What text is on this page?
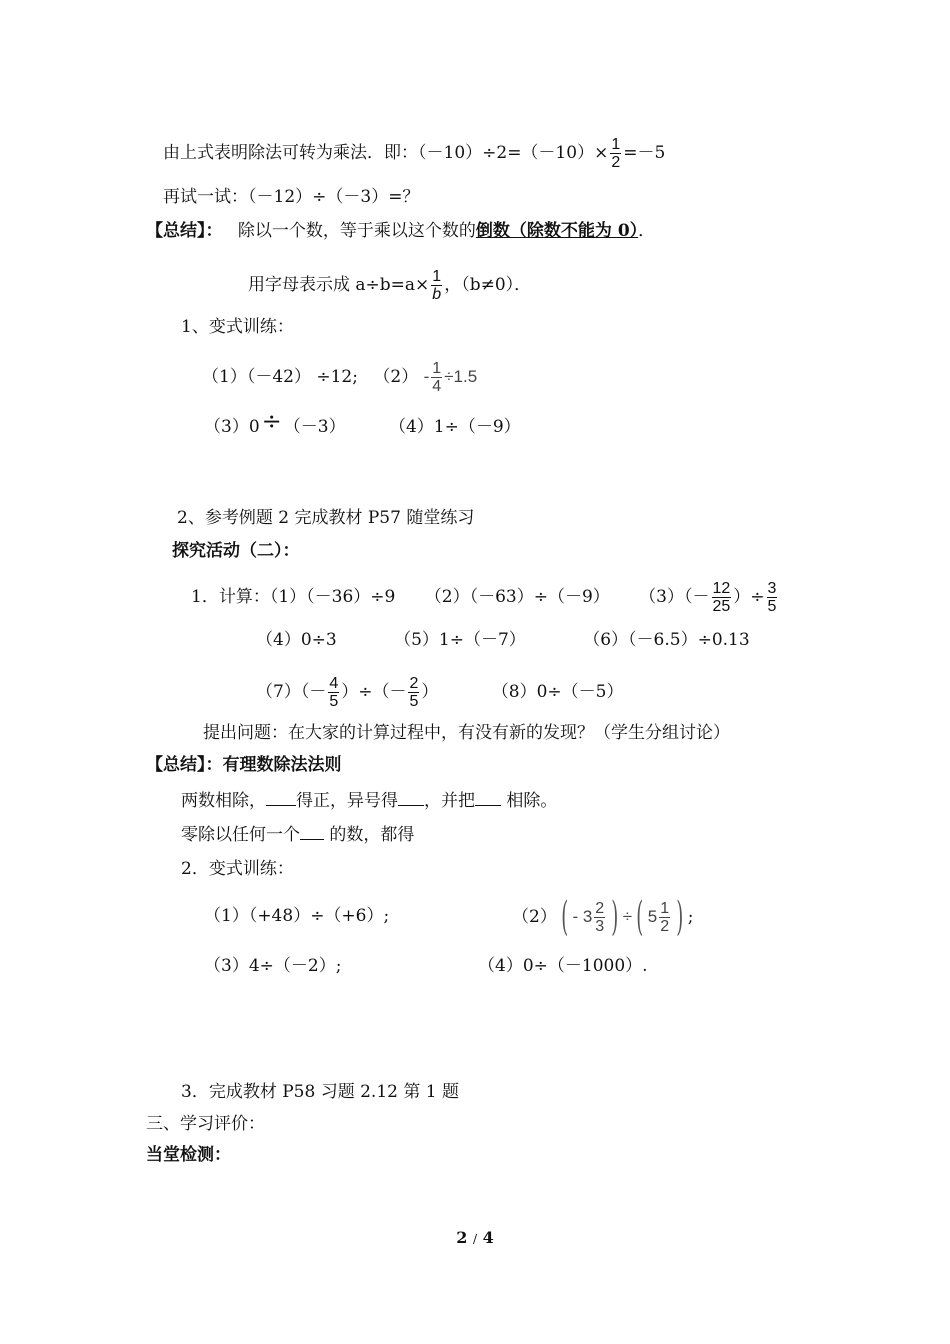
由上式表明除法可转为乘法．即：$(-10)\div 2=(-10)\times \frac{1}{2} =-5$
再试一试：（－12）÷（－3）=？
【总结】： 除以一个数，等于乘以这个数的倒数（除数不能为 0）．
用字母表示成 $a\div b=a\times \frac{1}{b}$ ，（b≠0）．
1、变式训练：
（1）（－42） ÷12; $(2) - \frac{1}{4} \div 1.5$
（3）0÷ （－3）	（4）1÷（－9）
2、参考例题 2 完成教材 P57 随堂练习
探究活动（二）：
1．计算：（1）（－36）÷9 （2）（－63）÷（－9） $(3)(- \frac{12}{25}$ ）÷ $\frac{3}{5}$
（4）0÷3	（5）1÷（－7）	（6）（－6.5）÷0.13
$(7)(- \frac{4}{5}$ ）÷（－ $\frac{2}{5}$ ）	（8）0÷（－5）
提出问题：在大家的计算过程中，有没有新的发现？（学生分组讨论）
【总结】：有理数除法法则
两数相除， 得正，异号得 ，并把 相除。
零除以任何一个 的数，都得
2．变式训练：
（1）（+48）÷（+6）;	（2） ( - $3 \frac{2}{3}$ ) ÷ ( $5 \frac{1}{2}$ ) ;
（3）4÷（－2）;	（4）0÷（－1000）.
3．完成教材 P58 习题 2.12 第 1 题
三、学习评价：
当堂检测：
2 / 4
